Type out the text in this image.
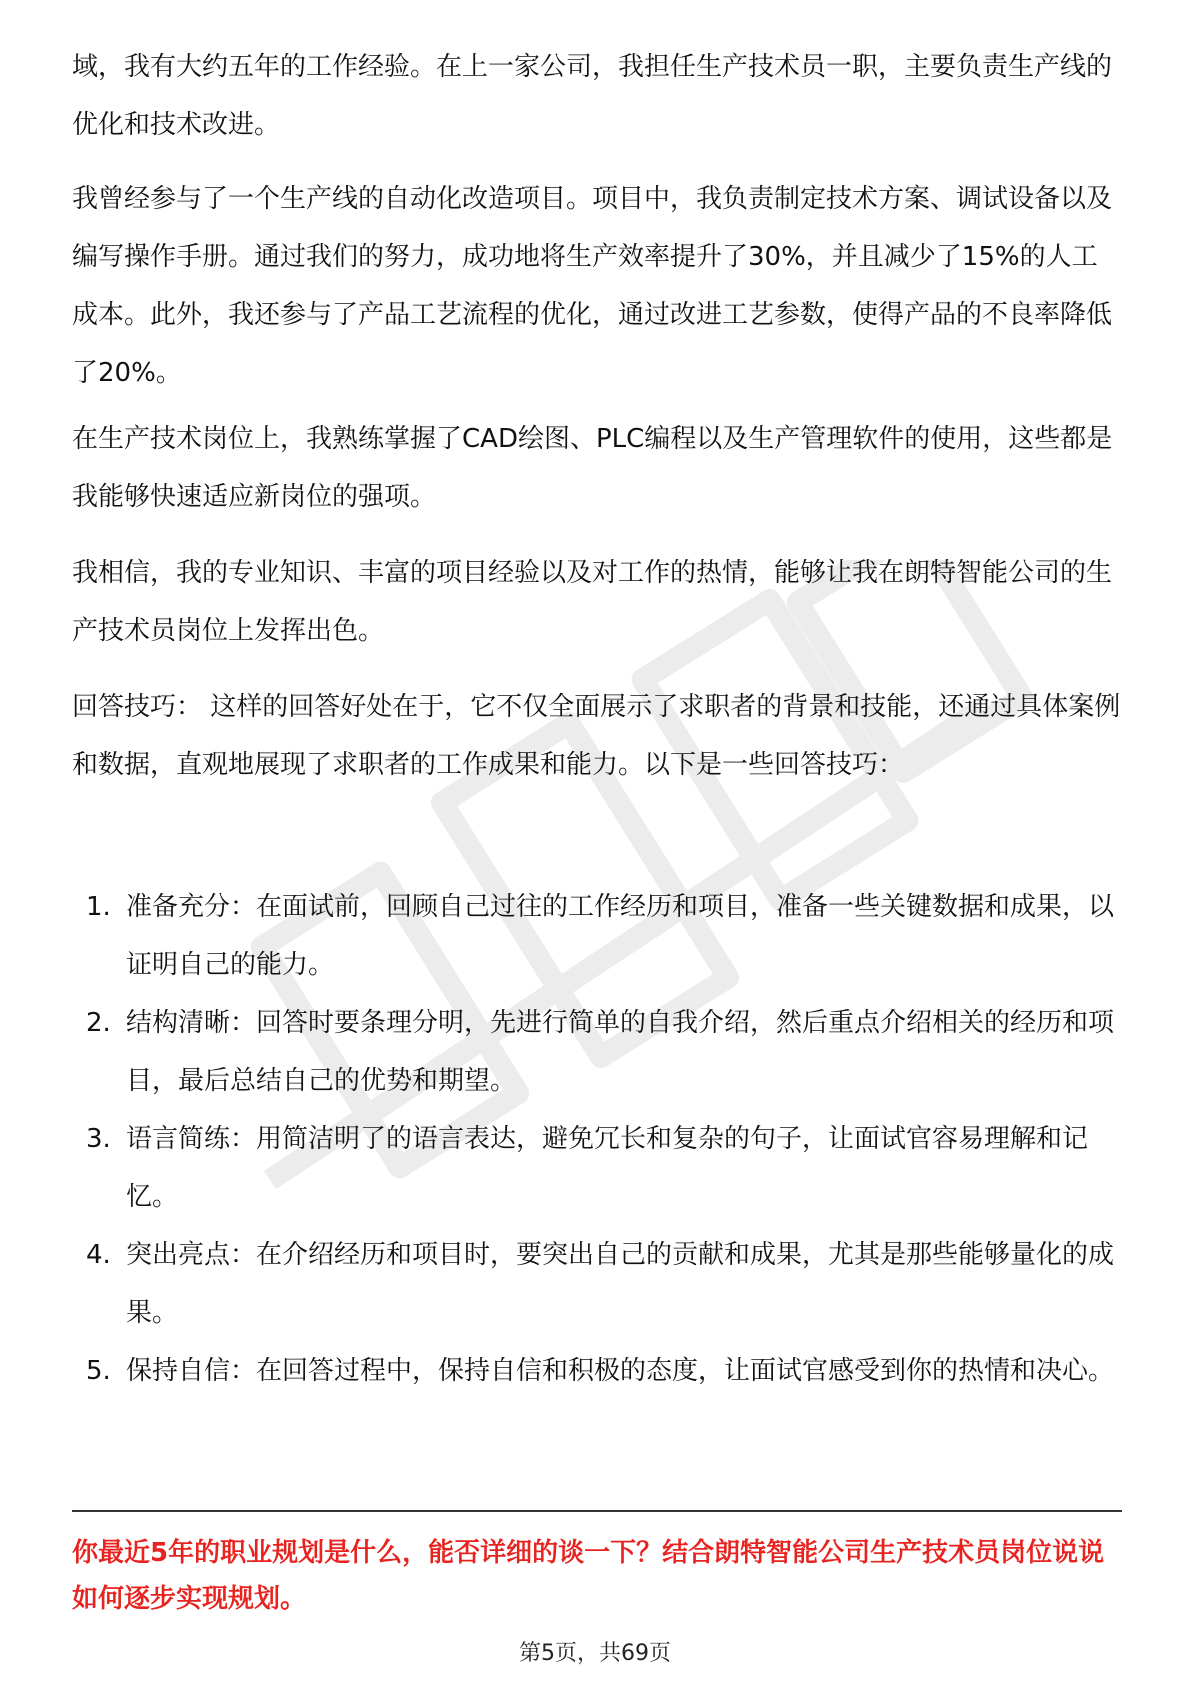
域，我有大约五年的工作经验。在上一家公司，我担任生产技术员一职，主要负责生产线的优化和技术改进。

我曾经参与了一个生产线的自动化改造项目。项目中，我负责制定技术方案、调试设备以及编写操作手册。通过我们的努力，成功地将生产效率提升了30%，并且减少了15%的人工成本。此外，我还参与了产品工艺流程的优化，通过改进工艺参数，使得产品的不良率降低了20%。

在生产技术岗位上，我熟练掌握了CAD绘图、PLC编程以及生产管理软件的使用，这些都是我能够快速适应新岗位的强项。

我相信，我的专业知识、丰富的项目经验以及对工作的热情，能够让我在朗特智能公司的生产技术员岗位上发挥出色。

回答技巧： 这样的回答好处在于，它不仅全面展示了求职者的背景和技能，还通过具体案例和数据，直观地展现了求职者的工作成果和能力。以下是一些回答技巧：

1. 准备充分：在面试前，回顾自己过往的工作经历和项目，准备一些关键数据和成果，以证明自己的能力。
2. 结构清晰：回答时要条理分明，先进行简单的自我介绍，然后重点介绍相关的经历和项目，最后总结自己的优势和期望。
3. 语言简练：用简洁明了的语言表达，避免冗长和复杂的句子，让面试官容易理解和记忆。
4. 突出亮点：在介绍经历和项目时，要突出自己的贡献和成果，尤其是那些能够量化的成果。
5. 保持自信：在回答过程中，保持自信和积极的态度，让面试官感受到你的热情和决心。

你最近5年的职业规划是什么，能否详细的谈一下？结合朗特智能公司生产技术员岗位说说如何逐步实现规划。

第5页，共69页
